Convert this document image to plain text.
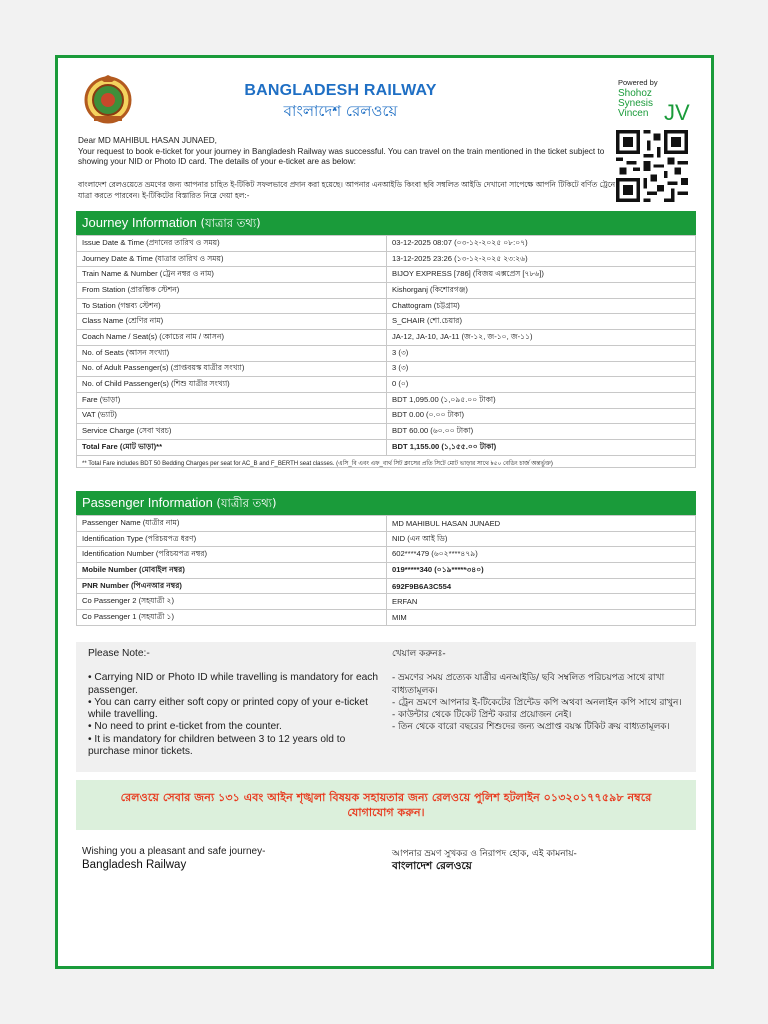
BANGLADESH RAILWAY
বাংলাদেশ রেলওয়ে
Powered by
Shohoz
Synesis
Vincen JV
Dear MD MAHIBUL HASAN JUNAED,
Your request to book e-ticket for your journey in Bangladesh Railway was successful. You can travel on the train mentioned in the ticket subject to showing your NID or Photo ID card. The details of your e-ticket are as below:
বাংলাদেশ রেলওয়েতে ভ্রমণের জন্য আপনার চাহিত ই-টিকিট সফলভাবে প্রদান করা হয়েছে। আপনার এনআইডি কিংবা ছবি সম্বলিত আইডি দেখানো সাপেক্ষে আপনি টিকিটে বর্ণিত ট্রেনে যাত্রা করতে পারবেন। ই-টিকিটের বিস্তারিত নিম্নে দেয়া হল:-
Journey Information (যাত্রার তথ্য)
Issue Date & Time (প্রদানের তারিখ ও সময়)	03-12-2025 08:07 (০৩-১২-২০২৫ ০৮:০৭)
Journey Date & Time (যাত্রার তারিখ ও সময়)	13-12-2025 23:26 (১৩-১২-২০২৫ ২৩:২৬)
Train Name & Number (ট্রেন নম্বর ও নাম)	BIJOY EXPRESS [786] (বিজয় এক্সপ্রেস [৭৮৬])
From Station (প্রারম্ভিক স্টেশন)	Kishorganj (কিশোরগঞ্জ)
To Station (গন্তব্য স্টেশন)	Chattogram (চট্টগ্রাম)
Class Name (শ্রেণির নাম)	S_CHAIR (শো.চেয়ার)
Coach Name / Seat(s) (কোচের নাম / আসন)	JA-12, JA-10, JA-11 (জ-১২, জ-১০, জ-১১)
No. of Seats (আসন সংখ্যা)	3 (৩)
No. of Adult Passenger(s) (প্রাপ্তবয়স্ক যাত্রীর সংখ্যা)	3 (৩)
No. of Child Passenger(s) (শিশু যাত্রীর সংখ্যা)	0 (০)
Fare (ভাড়া)	BDT 1,095.00 (১,০৯৫.০০ টাকা)
VAT (ভ্যাট)	BDT 0.00 (০.০০ টাকা)
Service Charge (সেবা খরচ)	BDT 60.00 (৬০.০০ টাকা)
Total Fare (মোট ভাড়া)**	BDT 1,155.00 (১,১৫৫.০০ টাকা)
** Total Fare includes BDT 50 Bedding Charges per seat for AC_B and F_BERTH seat classes. (এসি_বি এবং এফ_বার্থ সিট ক্লাসের প্রতি সিটে মোট ভাড়ার সাথে ৳৫০ বেডিং চার্জ অন্তর্ভুক্ত)
Passenger Information (যাত্রীর তথ্য)
Passenger Name (যাত্রীর নাম)	MD MAHIBUL HASAN JUNAED
Identification Type (পরিচয়পত্র ধরণ)	NID (এন আই ডি)
Identification Number (পরিচয়পত্র নম্বর)	602****479 (৬০২****৪৭৯)
Mobile Number (মোবাইল নম্বর)	019*****340 (০১৯*****৩৪০)
PNR Number (পিএনআর নম্বর)	692F9B6A3C554
Co Passenger 2 (সহযাত্রী ২)	ERFAN
Co Passenger 1 (সহযাত্রী ১)	MIM
Please Note:-
• Carrying NID or Photo ID while travelling is mandatory for each passenger.
• You can carry either soft copy or printed copy of your e-ticket while travelling.
• No need to print e-ticket from the counter.
• It is mandatory for children between 3 to 12 years old to purchase minor tickets.
খেয়াল করুনঃ-
- ভ্রমণের সময় প্রত্যেক যাত্রীর এনআইডি/ ছবি সম্বলিত পরিচয়পত্র সাথে রাখা বাধ্যতামূলক।
- ট্রেন ভ্রমণে আপনার ই-টিকেটের প্রিন্টেড কপি অথবা অনলাইন কপি সাথে রাখুন।
- কাউন্টার থেকে টিকেট প্রিন্ট করার প্রয়োজন নেই।
- তিন থেকে বারো বছরের শিশুদের জন্য অপ্রাপ্ত বয়স্ক টিকিট ক্রয় বাধ্যতামূলক।
রেলওয়ে সেবার জন্য ১৩১ এবং আইন শৃঙ্খলা বিষয়ক সহায়তার জন্য রেলওয়ে পুলিশ হটলাইন ০১৩২০১৭৭৫৯৮ নম্বরে
যোগাযোগ করুন।
Wishing you a pleasant and safe journey-
Bangladesh Railway
আপনার ভ্রমণ সুখকর ও নিরাপদ হোক, এই কামনায়-
বাংলাদেশ রেলওয়ে
